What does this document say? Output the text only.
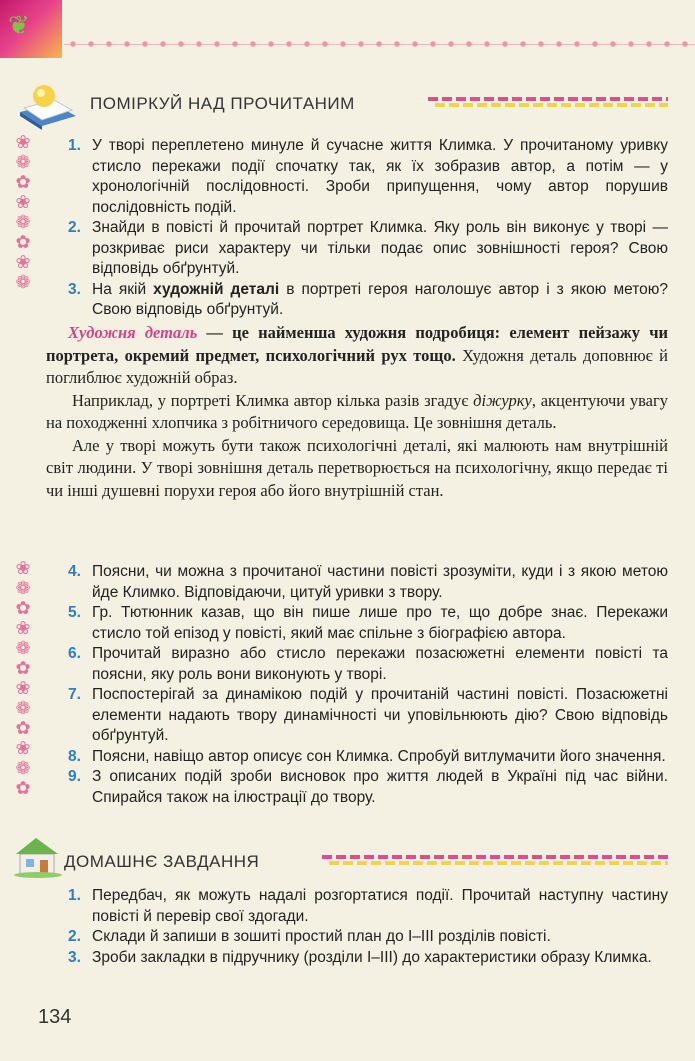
❦
ПОМІРКУЙ НАД ПРОЧИТАНИМ
❀
❁
✿
❀
❁
✿
❀
❁
1. У творі переплетено минуле й сучасне життя Климка. У прочитаному уривку стисло перекажи події спочатку так, як їх зобразив автор, а потім — у хронологічній послідовності. Зроби припущення, чому автор порушив послідовність подій.
2. Знайди в повісті й прочитай портрет Климка. Яку роль він виконує у творі — розкриває риси характеру чи тільки подає опис зовнішності героя? Свою відповідь обґрунтуй.
3. На якій художній деталі в портреті героя наголошує автор і з якою метою? Свою відповідь обґрунтуй.

Художня деталь — це найменша художня подробиця: елемент пейзажу чи портрета, окремий предмет, психологічний рух тощо. Художня деталь доповнює й поглиблює художній образ.

Наприклад, у портреті Климка автор кілька разів згадує діжурку, акцентуючи увагу на походженні хлопчика з робітничого середовища. Це зовнішня деталь.

Але у творі можуть бути також психологічні деталі, які малюють нам внутрішній світ людини. У творі зовнішня деталь перетворюється на психологічну, якщо передає ті чи інші душевні порухи героя або його внутрішній стан.

❀
❁
✿
❀
❁
✿
❀
❁
✿
❀
❁
✿
4. Поясни, чи можна з прочитаної частини повісті зрозуміти, куди і з якою метою йде Климко. Відповідаючи, цитуй уривки з твору.
5. Гр. Тютюнник казав, що він пише лише про те, що добре знає. Перекажи стисло той епізод у повісті, який має спільне з біографією автора.
6. Прочитай виразно або стисло перекажи позасюжетні елементи повісті та поясни, яку роль вони виконують у творі.
7. Поспостерігай за динамікою подій у прочитаній частині повісті. Позасюжетні елементи надають твору динамічності чи уповільнюють дію? Свою відповідь обґрунтуй.
8. Поясни, навіщо автор описує сон Климка. Спробуй витлумачити його значення.
9. З описаних подій зроби висновок про життя людей в Україні під час війни. Спирайся також на ілюстрації до твору.
ДОМАШНЄ ЗАВДАННЯ
1. Передбач, як можуть надалі розгортатися події. Прочитай наступну частину повісті й перевір свої здогади.
2. Склади й запиши в зошиті простий план до І–ІІІ розділів повісті.
3. Зроби закладки в підручнику (розділи І–ІІІ) до характеристики образу Климка.
134
